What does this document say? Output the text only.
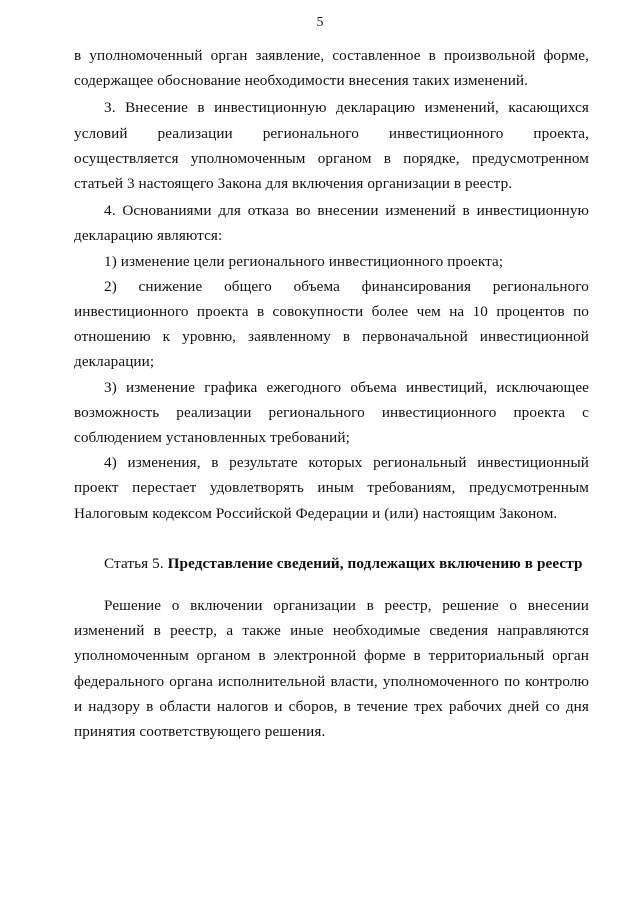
5

в уполномоченный орган заявление, составленное в произвольной форме, содержащее обоснование необходимости внесения таких изменений.

3. Внесение в инвестиционную декларацию изменений, касающихся условий реализации регионального инвестиционного проекта, осуществляется уполномоченным органом в порядке, предусмотренном статьей 3 настоящего Закона для включения организации в реестр.

4. Основаниями для отказа во внесении изменений в инвестиционную декларацию являются:

1) изменение цели регионального инвестиционного проекта;

2) снижение общего объема финансирования регионального инвестиционного проекта в совокупности более чем на 10 процентов по отношению к уровню, заявленному в первоначальной инвестиционной декларации;

3) изменение графика ежегодного объема инвестиций, исключающее возможность реализации регионального инвестиционного проекта с соблюдением установленных требований;

4) изменения, в результате которых региональный инвестиционный проект перестает удовлетворять иным требованиям, предусмотренным Налоговым кодексом Российской Федерации и (или) настоящим Законом.

Статья 5. Представление сведений, подлежащих включению в реестр

Решение о включении организации в реестр, решение о внесении изменений в реестр, а также иные необходимые сведения направляются уполномоченным органом в электронной форме в территориальный орган федерального органа исполнительной власти, уполномоченного по контролю и надзору в области налогов и сборов, в течение трех рабочих дней со дня принятия соответствующего решения.
